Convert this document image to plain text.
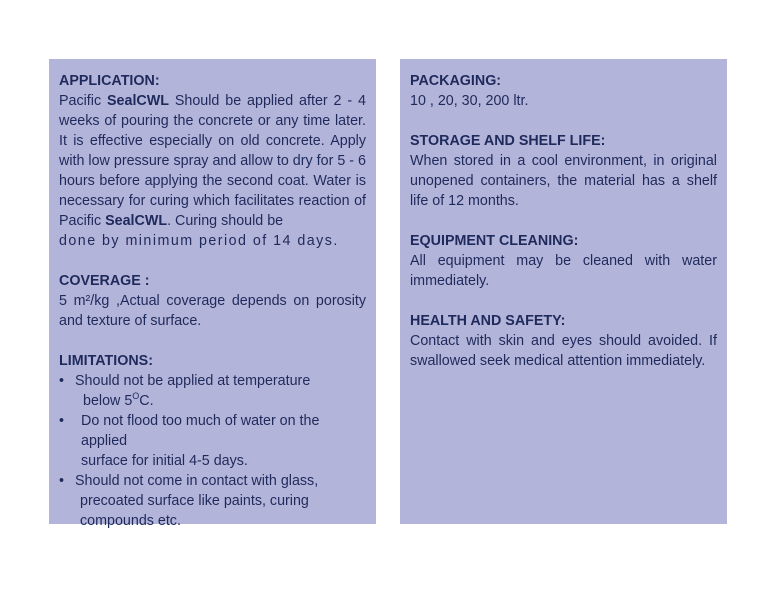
APPLICATION:
Pacific SealCWL Should be applied after 2 - 4 weeks of pouring the concrete or any time later. It is effective especially on old concrete. Apply with low pressure spray and allow to dry for 5 - 6 hours before applying the second coat. Water is necessary for curing which facilitates reaction of Pacific SealCWL. Curing should be
done by minimum period of 14 days.
COVERAGE :
5 m²/kg ,Actual coverage depends on porosity and texture of surface.
LIMITATIONS:
• Should not be applied at temperature
below $5^OC$.
• Do not flood too much of water on the applied
surface for initial 4-5 days.
• Should not come in contact with glass,
precoated surface like paints, curing
compounds etc.
PACKAGING:
10 , 20, 30, 200 ltr.
STORAGE AND SHELF LIFE:
When stored in a cool environment, in original unopened containers, the material has a shelf life of 12 months.
EQUIPMENT CLEANING:
All equipment may be cleaned with water immediately.
HEALTH AND SAFETY:
Contact with skin and eyes should avoided. If swallowed seek medical attention immediately.
